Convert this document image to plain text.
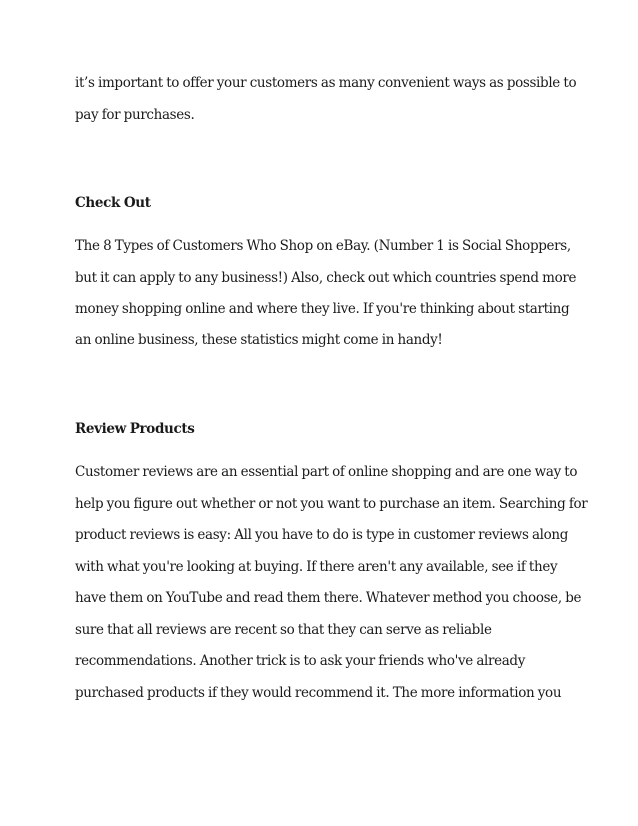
it’s important to offer your customers as many convenient ways as possible to
pay for purchases.
Check Out
The 8 Types of Customers Who Shop on eBay. (Number 1 is Social Shoppers,
but it can apply to any business!) Also, check out which countries spend more
money shopping online and where they live. If you're thinking about starting
an online business, these statistics might come in handy!
Review Products
Customer reviews are an essential part of online shopping and are one way to
help you figure out whether or not you want to purchase an item. Searching for
product reviews is easy: All you have to do is type in customer reviews along
with what you're looking at buying. If there aren't any available, see if they
have them on YouTube and read them there. Whatever method you choose, be
sure that all reviews are recent so that they can serve as reliable
recommendations. Another trick is to ask your friends who've already
purchased products if they would recommend it. The more information you
